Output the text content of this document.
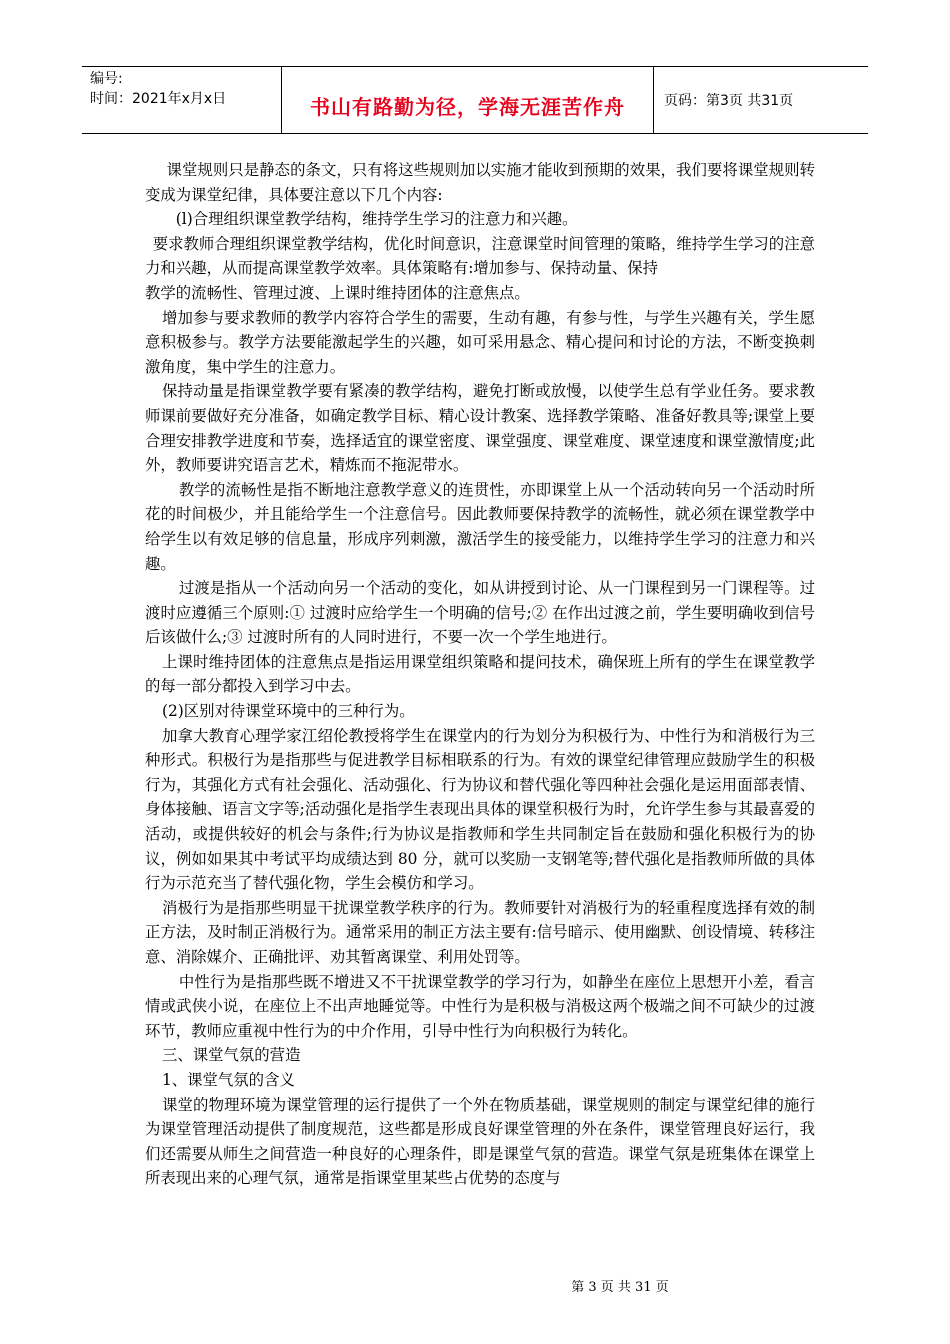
编号:
时间：2021年x月x日	书山有路勤为径，学海无涯苦作舟	页码：第3页 共31页

课堂规则只是静态的条文，只有将这些规则加以实施才能收到预期的效果，我们要将课堂规则转变成为课堂纪律，具体要注意以下几个内容:

(l)合理组织课堂教学结构，维持学生学习的注意力和兴趣。

要求教师合理组织课堂教学结构，优化时间意识，注意课堂时间管理的策略，维持学生学习的注意力和兴趣，从而提高课堂教学效率。具体策略有:增加参与、保持动量、保持

教学的流畅性、管理过渡、上课时维持团体的注意焦点。

增加参与要求教师的教学内容符合学生的需要，生动有趣，有参与性，与学生兴趣有关，学生愿意积极参与。教学方法要能激起学生的兴趣，如可采用悬念、精心提问和讨论的方法，不断变换刺激角度，集中学生的注意力。

保持动量是指课堂教学要有紧凑的教学结构，避免打断或放慢，以使学生总有学业任务。要求教师课前要做好充分准备，如确定教学目标、精心设计教案、选择教学策略、准备好教具等;课堂上要合理安排教学进度和节奏，选择适宜的课堂密度、课堂强度、课堂难度、课堂速度和课堂激情度;此外，教师要讲究语言艺术，精炼而不拖泥带水。

教学的流畅性是指不断地注意教学意义的连贯性，亦即课堂上从一个活动转向另一个活动时所花的时间极少，并且能给学生一个注意信号。因此教师要保持教学的流畅性，就必须在课堂教学中给学生以有效足够的信息量，形成序列刺激，激活学生的接受能力，以维持学生学习的注意力和兴趣。

过渡是指从一个活动向另一个活动的变化，如从讲授到讨论、从一门课程到另一门课程等。过渡时应遵循三个原则:① 过渡时应给学生一个明确的信号;② 在作出过渡之前，学生要明确收到信号后该做什么;③ 过渡时所有的人同时进行，不要一次一个学生地进行。

上课时维持团体的注意焦点是指运用课堂组织策略和提问技术，确保班上所有的学生在课堂教学的每一部分都投入到学习中去。

(2)区别对待课堂环境中的三种行为。

加拿大教育心理学家江绍伦教授将学生在课堂内的行为划分为积极行为、中性行为和消极行为三种形式。积极行为是指那些与促进教学目标相联系的行为。有效的课堂纪律管理应鼓励学生的积极行为，其强化方式有社会强化、活动强化、行为协议和替代强化等四种社会强化是运用面部表情、身体接触、语言文字等;活动强化是指学生表现出具体的课堂积极行为时，允许学生参与其最喜爱的活动，或提供较好的机会与条件;行为协议是指教师和学生共同制定旨在鼓励和强化积极行为的协议，例如如果其中考试平均成绩达到 80 分，就可以奖励一支钢笔等;替代强化是指教师所做的具体行为示范充当了替代强化物，学生会模仿和学习。

消极行为是指那些明显干扰课堂教学秩序的行为。教师要针对消极行为的轻重程度选择有效的制正方法，及时制正消极行为。通常采用的制正方法主要有:信号暗示、使用幽默、创设情境、转移注意、消除媒介、正确批评、劝其暂离课堂、利用处罚等。

中性行为是指那些既不增进又不干扰课堂教学的学习行为，如静坐在座位上思想开小差，看言情或武侠小说，在座位上不出声地睡觉等。中性行为是积极与消极这两个极端之间不可缺少的过渡环节，教师应重视中性行为的中介作用，引导中性行为向积极行为转化。

三、课堂气氛的营造

1、课堂气氛的含义

课堂的物理环境为课堂管理的运行提供了一个外在物质基础，课堂规则的制定与课堂纪律的施行为课堂管理活动提供了制度规范，这些都是形成良好课堂管理的外在条件，课堂管理良好运行，我们还需要从师生之间营造一种良好的心理条件，即是课堂气氛的营造。课堂气氛是班集体在课堂上所表现出来的心理气氛，通常是指课堂里某些占优势的态度与

第 3 页 共 31 页
